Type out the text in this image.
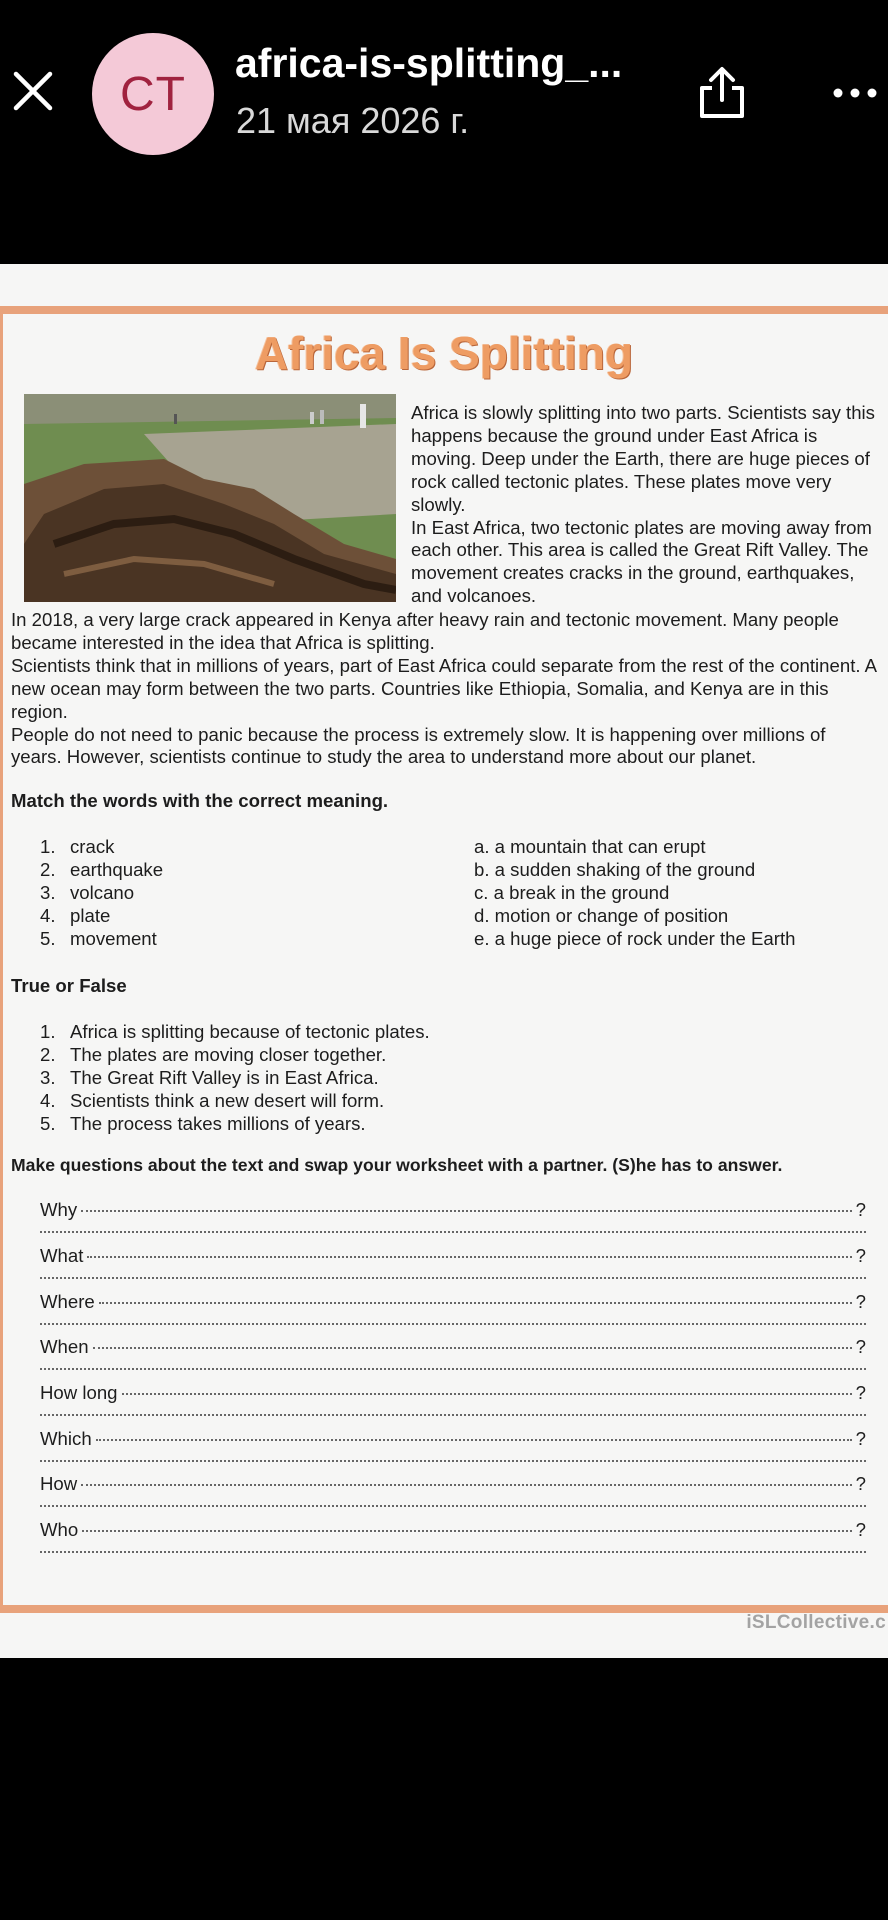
CT
africa-is-splitting_...
21 мая 2026 г.
Africa Is Splitting

Africa is slowly splitting into two parts. Scientists say this happens because the ground under East Africa is moving. Deep under the Earth, there are huge pieces of rock called tectonic plates. These plates move very slowly.
In East Africa, two tectonic plates are moving away from each other. This area is called the Great Rift Valley. The movement creates cracks in the ground, earthquakes, and volcanoes.

In 2018, a very large crack appeared in Kenya after heavy rain and tectonic movement. Many people became interested in the idea that Africa is splitting.
Scientists think that in millions of years, part of East Africa could separate from the rest of the continent. A new ocean may form between the two parts. Countries like Ethiopia, Somalia, and Kenya are in this region.
People do not need to panic because the process is extremely slow. It is happening over millions of years. However, scientists continue to study the area to understand more about our planet.

Match the words with the correct meaning.

1. crack
2. earthquake
3. volcano
4. plate
5. movement
a. a mountain that can erupt
b. a sudden shaking of the ground
c. a break in the ground
d. motion or change of position
e. a huge piece of rock under the Earth

True or False

1. Africa is splitting because of tectonic plates.
2. The plates are moving closer together.
3. The Great Rift Valley is in East Africa.
4. Scientists think a new desert will form.
5. The process takes millions of years.

Make questions about the text and swap your worksheet with a partner. (S)he has to answer.

Why	?
What	?
Where	?
When	?
How long	?
Which	?
How	?
Who	?
iSLCollective.c
